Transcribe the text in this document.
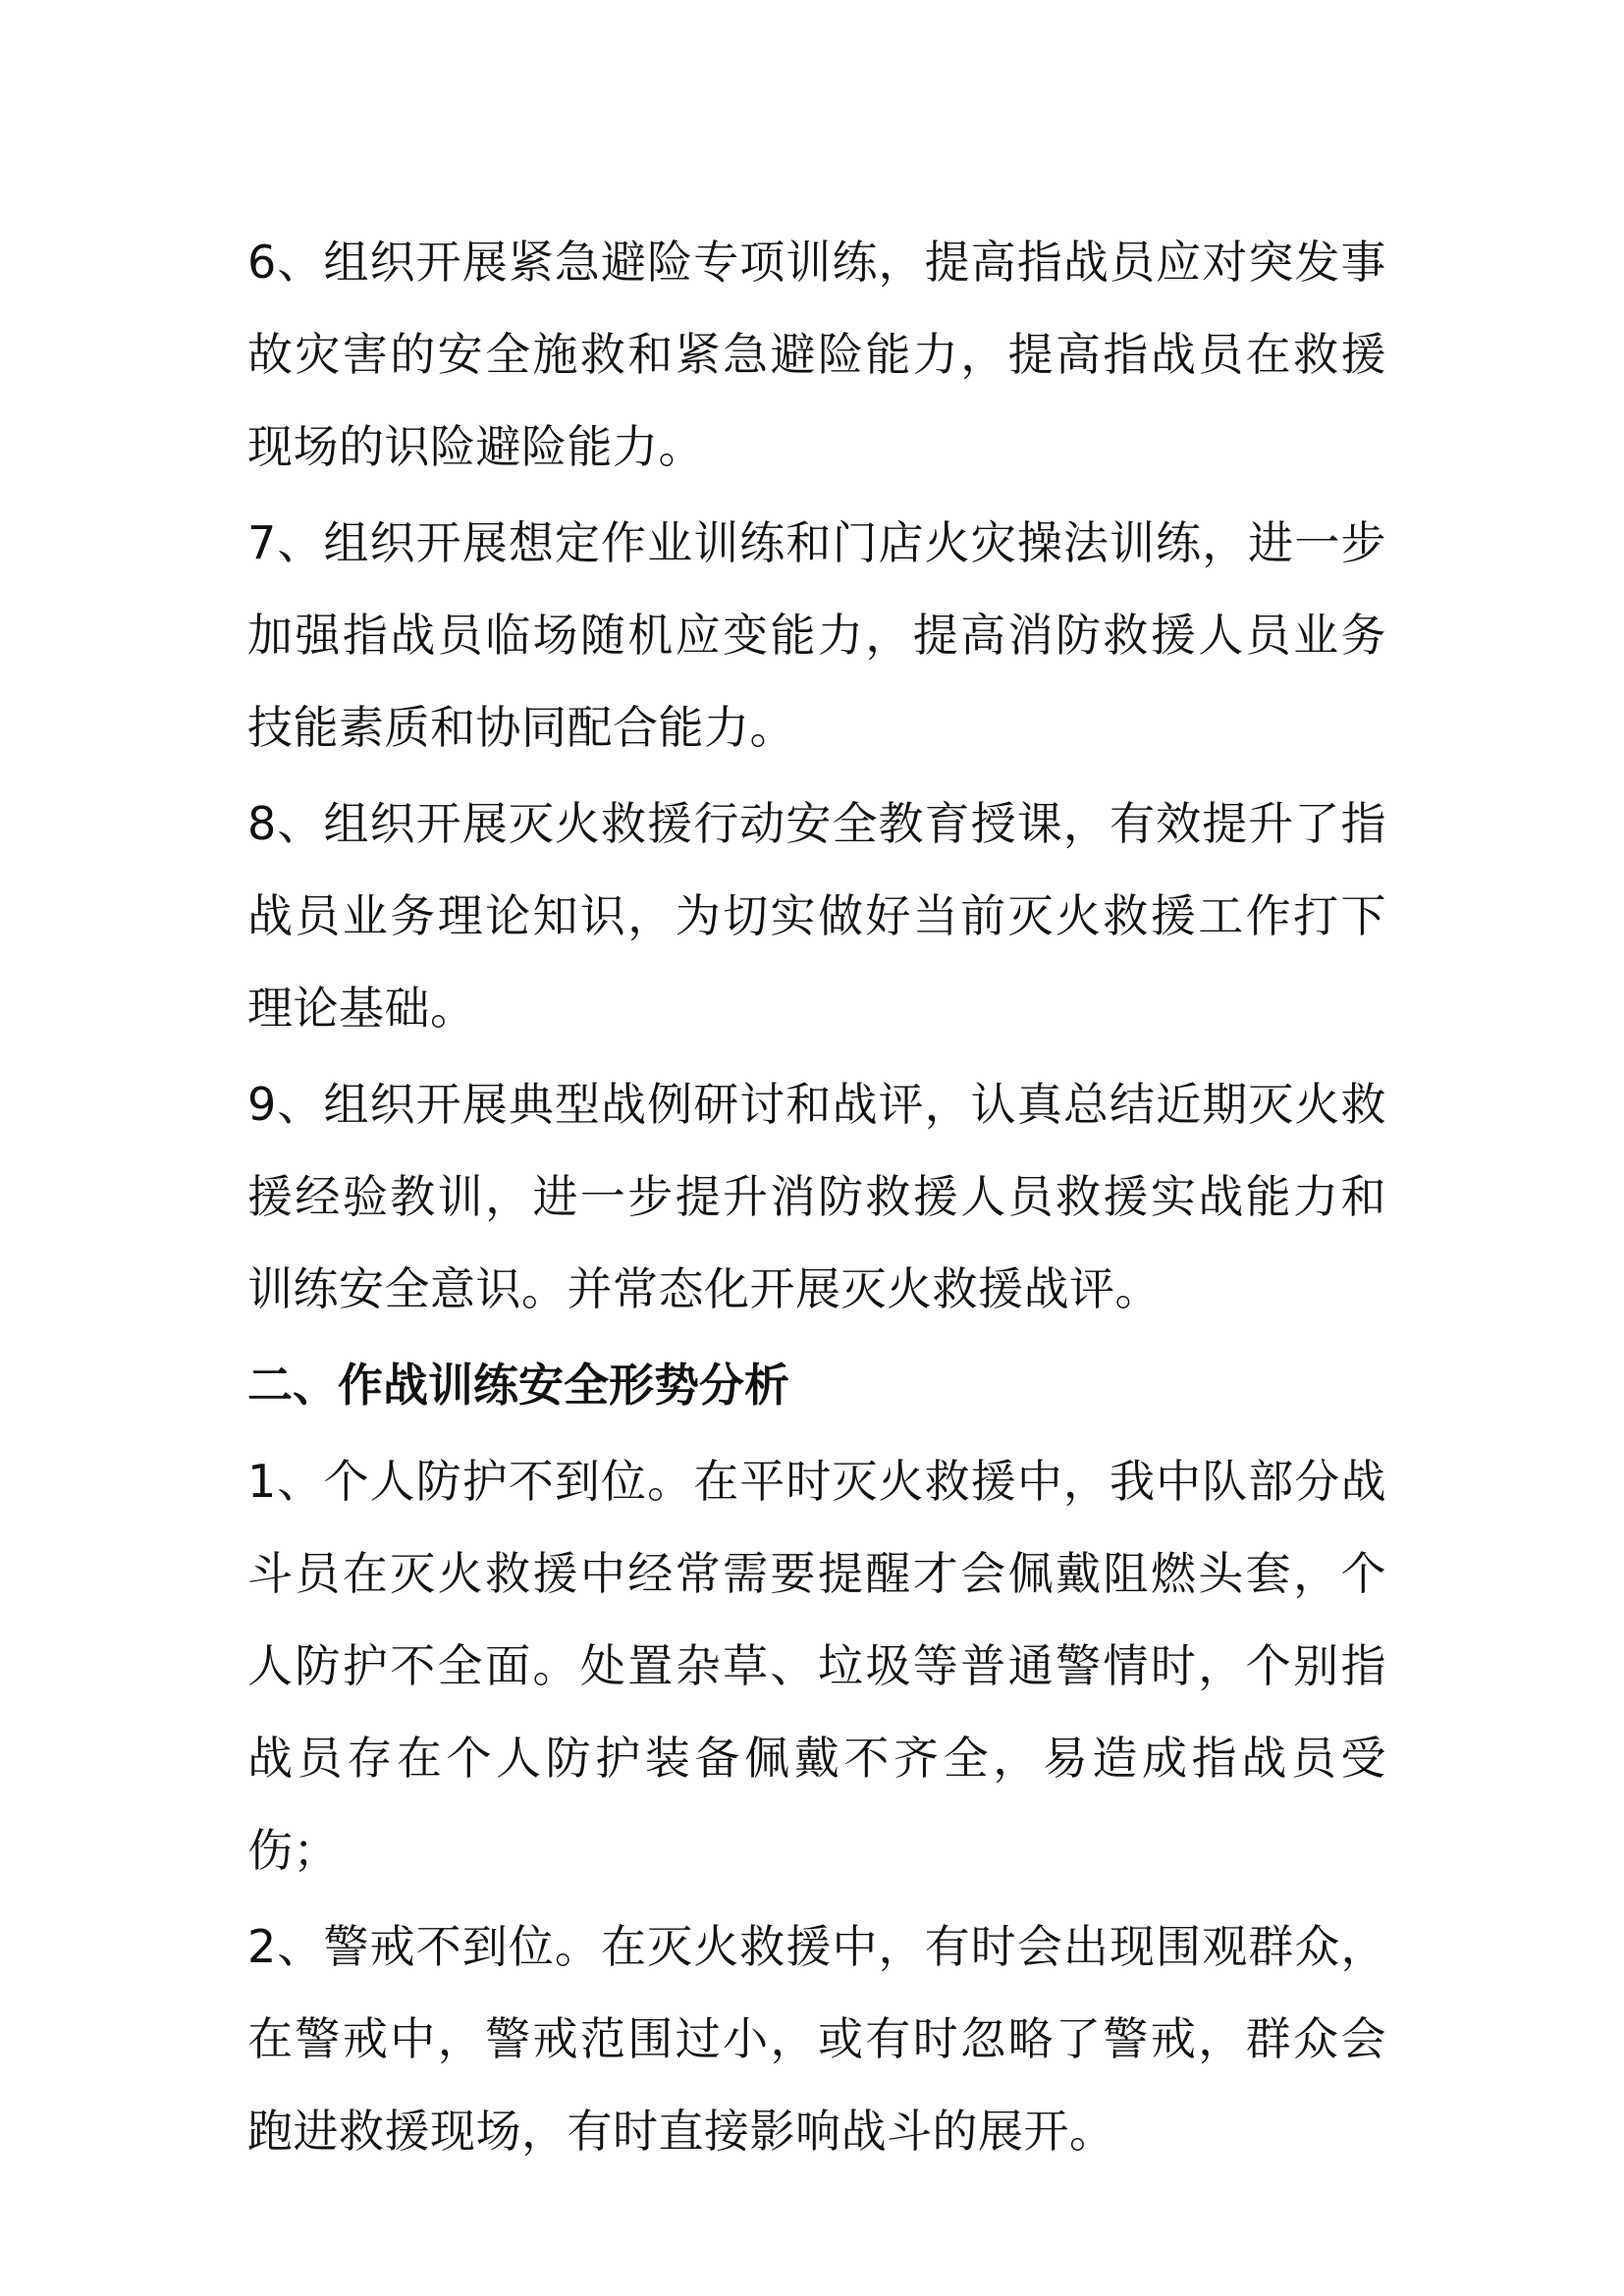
6、组织开展紧急避险专项训练，提高指战员应对突发事故灾害的安全施救和紧急避险能力，提高指战员在救援现场的识险避险能力。

7、组织开展想定作业训练和门店火灾操法训练，进一步加强指战员临场随机应变能力，提高消防救援人员业务技能素质和协同配合能力。

8、组织开展灭火救援行动安全教育授课，有效提升了指战员业务理论知识，为切实做好当前灭火救援工作打下理论基础。

9、组织开展典型战例研讨和战评，认真总结近期灭火救援经验教训，进一步提升消防救援人员救援实战能力和训练安全意识。并常态化开展灭火救援战评。

二、作战训练安全形势分析

1、个人防护不到位。在平时灭火救援中，我中队部分战斗员在灭火救援中经常需要提醒才会佩戴阻燃头套，个人防护不全面。处置杂草、垃圾等普通警情时，个别指战员存在个人防护装备佩戴不齐全，易造成指战员受伤；

2、警戒不到位。在灭火救援中，有时会出现围观群众，在警戒中，警戒范围过小，或有时忽略了警戒，群众会跑进救援现场，有时直接影响战斗的展开。
